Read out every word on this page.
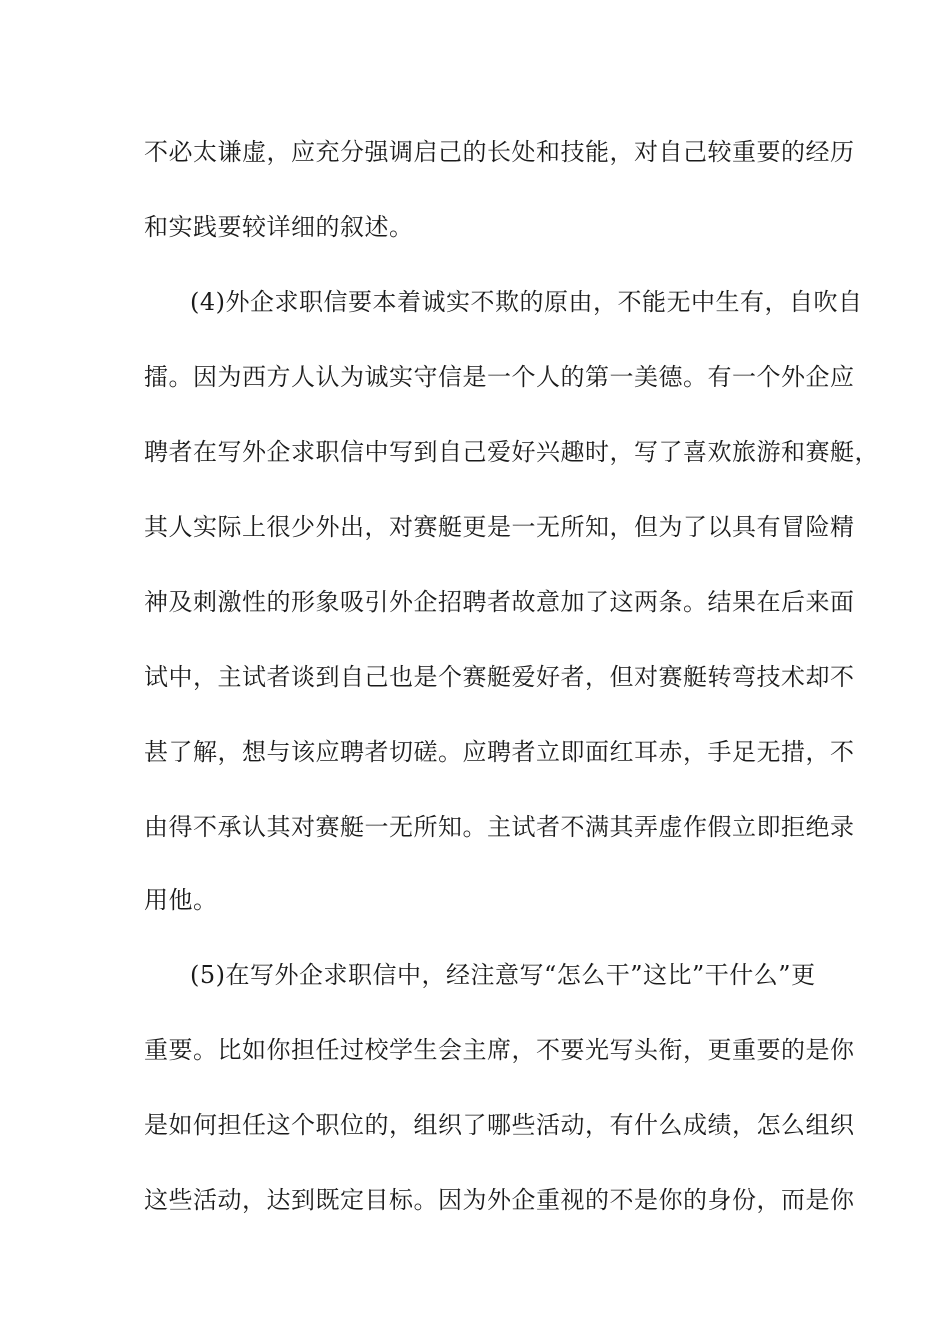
不必太谦虚，应充分强调启己的长处和技能，对自己较重要的经历
和实践要较详细的叙述。
(4)外企求职信要本着诚实不欺的原由，不能无中生有，自吹自
擂。因为西方人认为诚实守信是一个人的第一美德。有一个外企应
聘者在写外企求职信中写到自己爱好兴趣时，写了喜欢旅游和赛艇，
其人实际上很少外出，对赛艇更是一无所知，但为了以具有冒险精
神及刺激性的形象吸引外企招聘者故意加了这两条。结果在后来面
试中，主试者谈到自己也是个赛艇爱好者，但对赛艇转弯技术却不
甚了解，想与该应聘者切磋。应聘者立即面红耳赤，手足无措，不
由得不承认其对赛艇一无所知。主试者不满其弄虚作假立即拒绝录
用他。
(5)在写外企求职信中，经注意写“怎么干”这比”干什么”更
重要。比如你担任过校学生会主席，不要光写头衔，更重要的是你
是如何担任这个职位的，组织了哪些活动，有什么成绩，怎么组织
这些活动，达到既定目标。因为外企重视的不是你的身份，而是你
